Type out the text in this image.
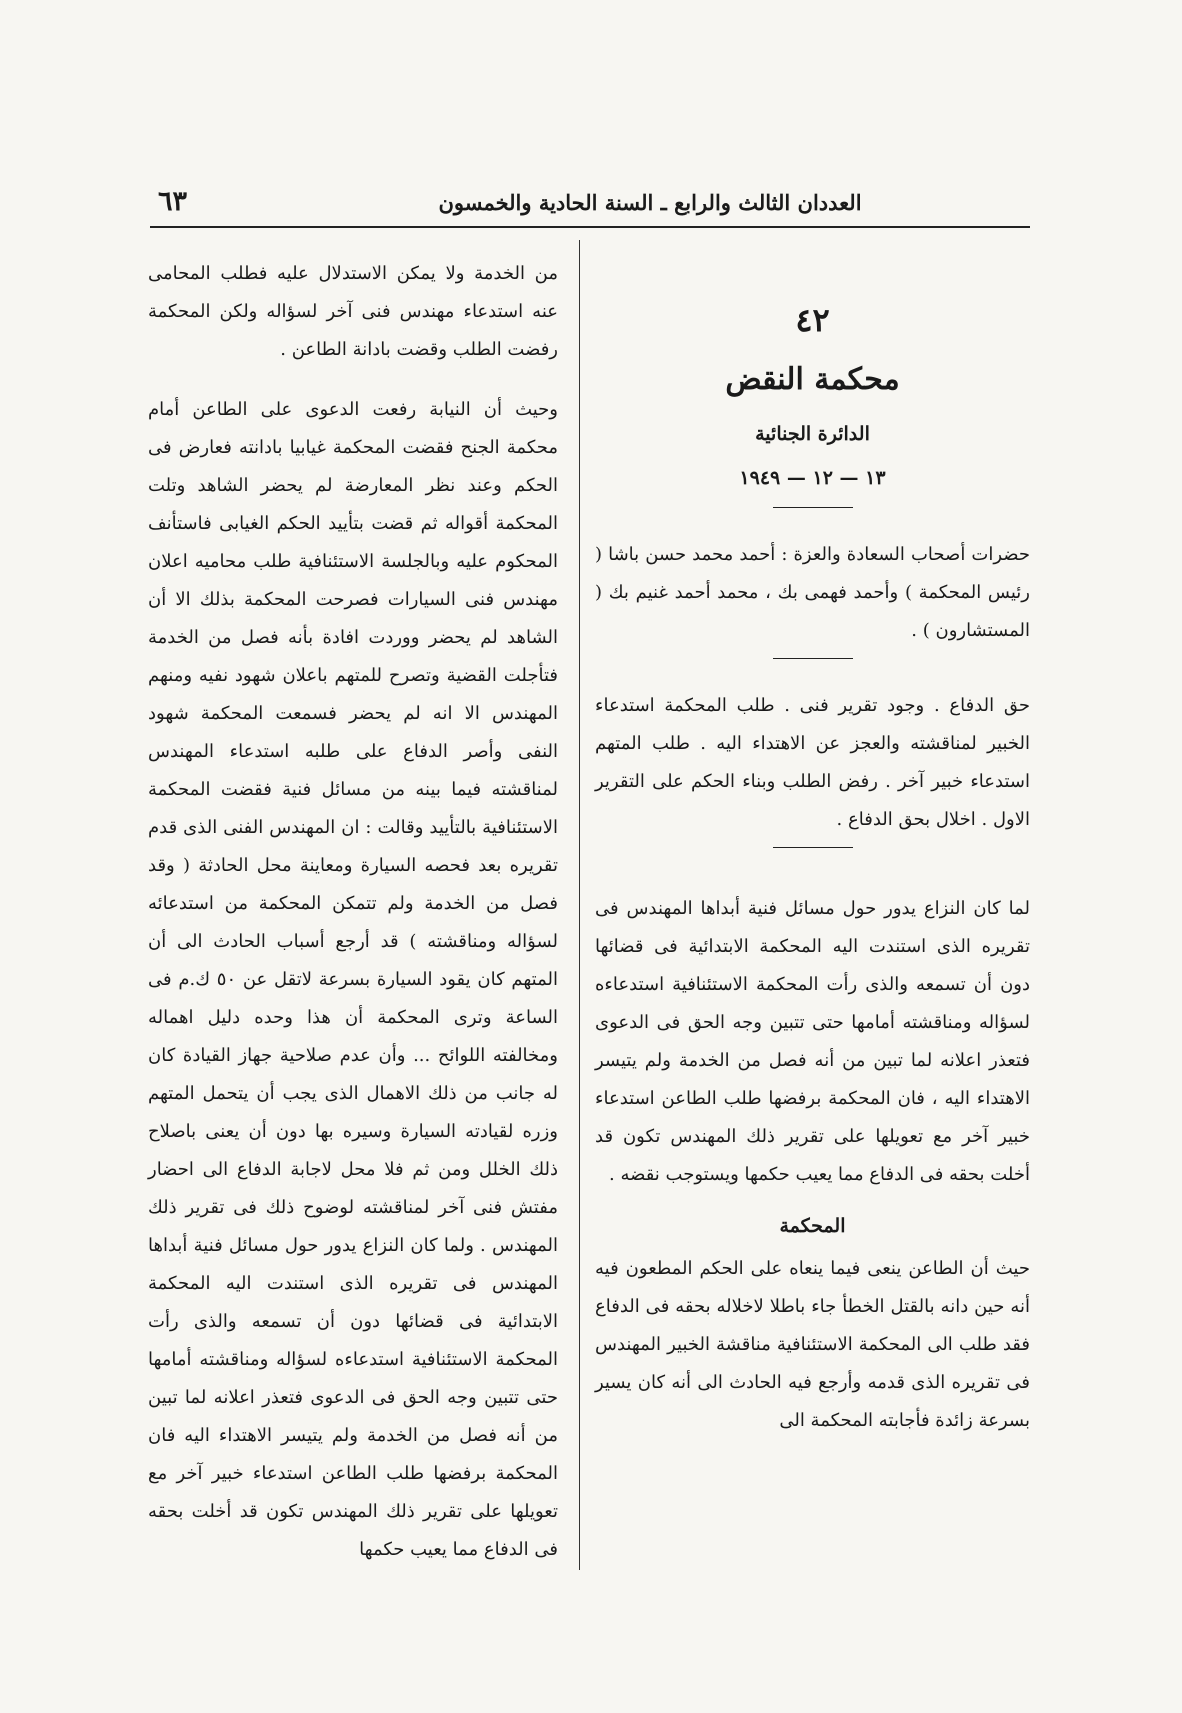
العددان الثالث والرابع ـ السنة الحادية والخمسون
٦٣
٤٢
محكمة النقض
الدائرة الجنائية
١٣ — ١٢ — ١٩٤٩

حضرات أصحاب السعادة والعزة : أحمد محمد حسن باشا ( رئيس المحكمة ) وأحمد فهمى بك ، محمد أحمد غنيم بك ( المستشارون ) .

حق الدفاع . وجود تقرير فنى . طلب المحكمة استدعاء الخبير لمناقشته والعجز عن الاهتداء اليه . طلب المتهم استدعاء خبير آخر . رفض الطلب وبناء الحكم على التقرير الاول . اخلال بحق الدفاع .

لما كان النزاع يدور حول مسائل فنية أبداها المهندس فى تقريره الذى استندت اليه المحكمة الابتدائية فى قضائها دون أن تسمعه والذى رأت المحكمة الاستئنافية استدعاءه لسؤاله ومناقشته أمامها حتى تتبين وجه الحق فى الدعوى فتعذر اعلانه لما تبين من أنه فصل من الخدمة ولم يتيسر الاهتداء اليه ، فان المحكمة برفضها طلب الطاعن استدعاء خبير آخر مع تعويلها على تقرير ذلك المهندس تكون قد أخلت بحقه فى الدفاع مما يعيب حكمها ويستوجب نقضه .

المحكمة

حيث أن الطاعن ينعى فيما ينعاه على الحكم المطعون فيه أنه حين دانه بالقتل الخطأ جاء باطلا لاخلاله بحقه فى الدفاع فقد طلب الى المحكمة الاستئنافية مناقشة الخبير المهندس فى تقريره الذى قدمه وأرجع فيه الحادث الى أنه كان يسير بسرعة زائدة فأجابته المحكمة الى

من الخدمة ولا يمكن الاستدلال عليه فطلب المحامى عنه استدعاء مهندس فنى آخر لسؤاله ولكن المحكمة رفضت الطلب وقضت بادانة الطاعن .

وحيث أن النيابة رفعت الدعوى على الطاعن أمام محكمة الجنح فقضت المحكمة غيابيا بادانته فعارض فى الحكم وعند نظر المعارضة لم يحضر الشاهد وتلت المحكمة أقواله ثم قضت بتأييد الحكم الغيابى فاستأنف المحكوم عليه وبالجلسة الاستئنافية طلب محاميه اعلان مهندس فنى السيارات فصرحت المحكمة بذلك الا أن الشاهد لم يحضر ووردت افادة بأنه فصل من الخدمة فتأجلت القضية وتصرح للمتهم باعلان شهود نفيه ومنهم المهندس الا انه لم يحضر فسمعت المحكمة شهود النفى وأصر الدفاع على طلبه استدعاء المهندس لمناقشته فيما بينه من مسائل فنية فقضت المحكمة الاستئنافية بالتأييد وقالت : ان المهندس الفنى الذى قدم تقريره بعد فحصه السيارة ومعاينة محل الحادثة ( وقد فصل من الخدمة ولم تتمكن المحكمة من استدعائه لسؤاله ومناقشته ) قد أرجع أسباب الحادث الى أن المتهم كان يقود السيارة بسرعة لاتقل عن ٥٠ ك.م فى الساعة وترى المحكمة أن هذا وحده دليل اهماله ومخالفته اللوائح ... وأن عدم صلاحية جهاز القيادة كان له جانب من ذلك الاهمال الذى يجب أن يتحمل المتهم وزره لقيادته السيارة وسيره بها دون أن يعنى باصلاح ذلك الخلل ومن ثم فلا محل لاجابة الدفاع الى احضار مفتش فنى آخر لمناقشته لوضوح ذلك فى تقرير ذلك المهندس . ولما كان النزاع يدور حول مسائل فنية أبداها المهندس فى تقريره الذى استندت اليه المحكمة الابتدائية فى قضائها دون أن تسمعه والذى رأت المحكمة الاستئنافية استدعاءه لسؤاله ومناقشته أمامها حتى تتبين وجه الحق فى الدعوى فتعذر اعلانه لما تبين من أنه فصل من الخدمة ولم يتيسر الاهتداء اليه فان المحكمة برفضها طلب الطاعن استدعاء خبير آخر مع تعويلها على تقرير ذلك المهندس تكون قد أخلت بحقه فى الدفاع مما يعيب حكمها
